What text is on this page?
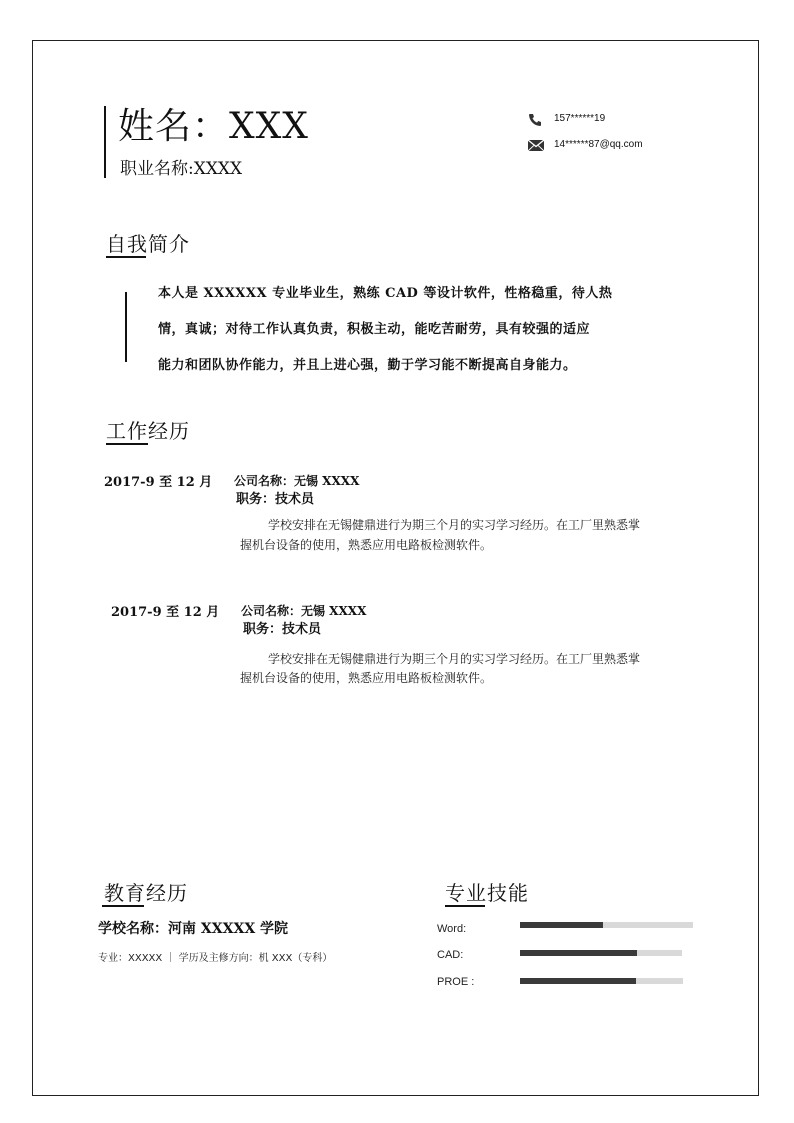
姓名：XXX
职业名称:XXXX
157******19
14******87@qq.com
自我简介
本人是 XXXXXX 专业毕业生，熟练 CAD 等设计软件，性格稳重，待人热
情，真诚；对待工作认真负责，积极主动，能吃苦耐劳，具有较强的适应
能力和团队协作能力，并且上进心强，勤于学习能不断提高自身能力。
工作经历
2017-9 至 12 月 公司名称：无锡 XXXX
职务：技术员
学校安排在无锡健鼎进行为期三个月的实习学习经历。在工厂里熟悉掌
握机台设备的使用，熟悉应用电路板检测软件。
2017-9 至 12 月 公司名称：无锡 XXXX
职务：技术员
学校安排在无锡健鼎进行为期三个月的实习学习经历。在工厂里熟悉掌
握机台设备的使用，熟悉应用电路板检测软件。
教育经历
学校名称：河南 XXXXX 学院
专业：XXXXX ｜ 学历及主修方向：机 XXX（专科）
专业技能
Word:
CAD:
PROE :
